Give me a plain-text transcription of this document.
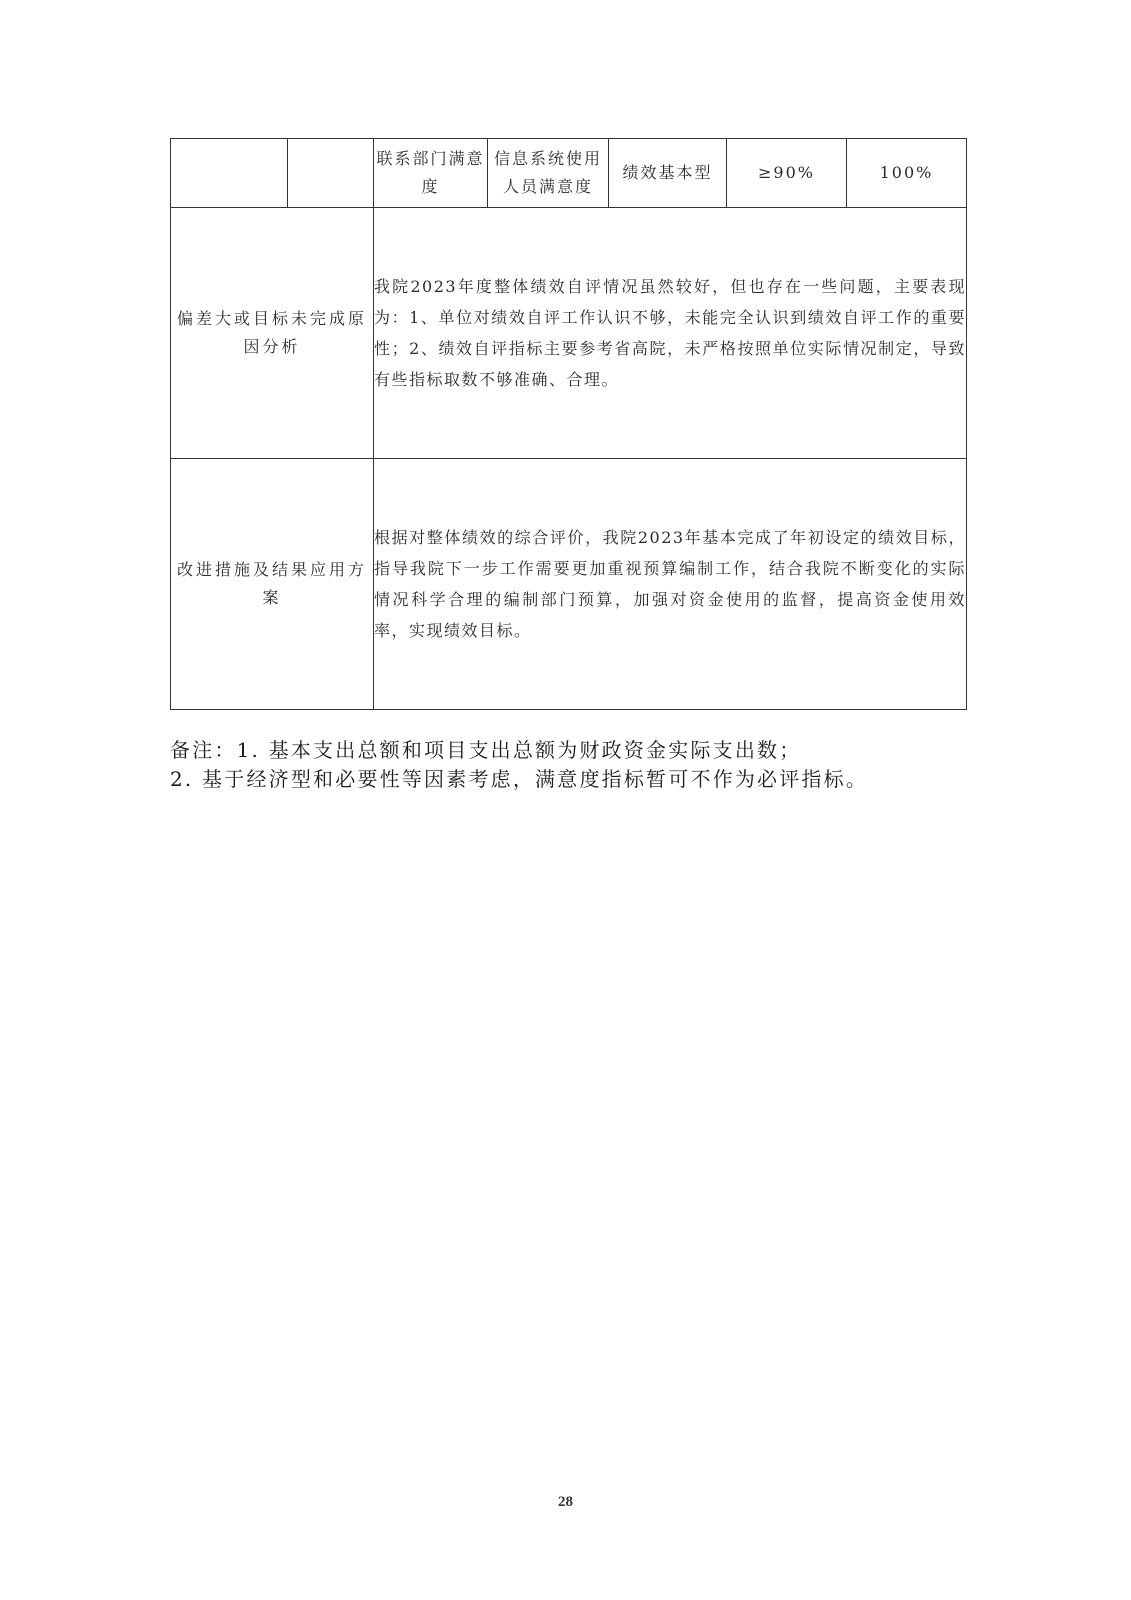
		联系部门满意度	信息系统使用人员满意度	绩效基本型	≥90%	100%
偏差大或目标未完成原因分析		我院2023年度整体绩效自评情况虽然较好，但也存在一些问题，主要表现为：1、单位对绩效自评工作认识不够，未能完全认识到绩效自评工作的重要性；2、绩效自评指标主要参考省高院，未严格按照单位实际情况制定，导致有些指标取数不够准确、合理。				

改进措施及结果应用方案		根据对整体绩效的综合评价，我院2023年基本完成了年初设定的绩效目标，指导我院下一步工作需要更加重视预算编制工作，结合我院不断变化的实际情况科学合理的编制部门预算，加强对资金使用的监督，提高资金使用效率，实现绩效目标。				

备注：1. 基本支出总额和项目支出总额为财政资金实际支出数；
2. 基于经济型和必要性等因素考虑，满意度指标暂可不作为必评指标。
28
